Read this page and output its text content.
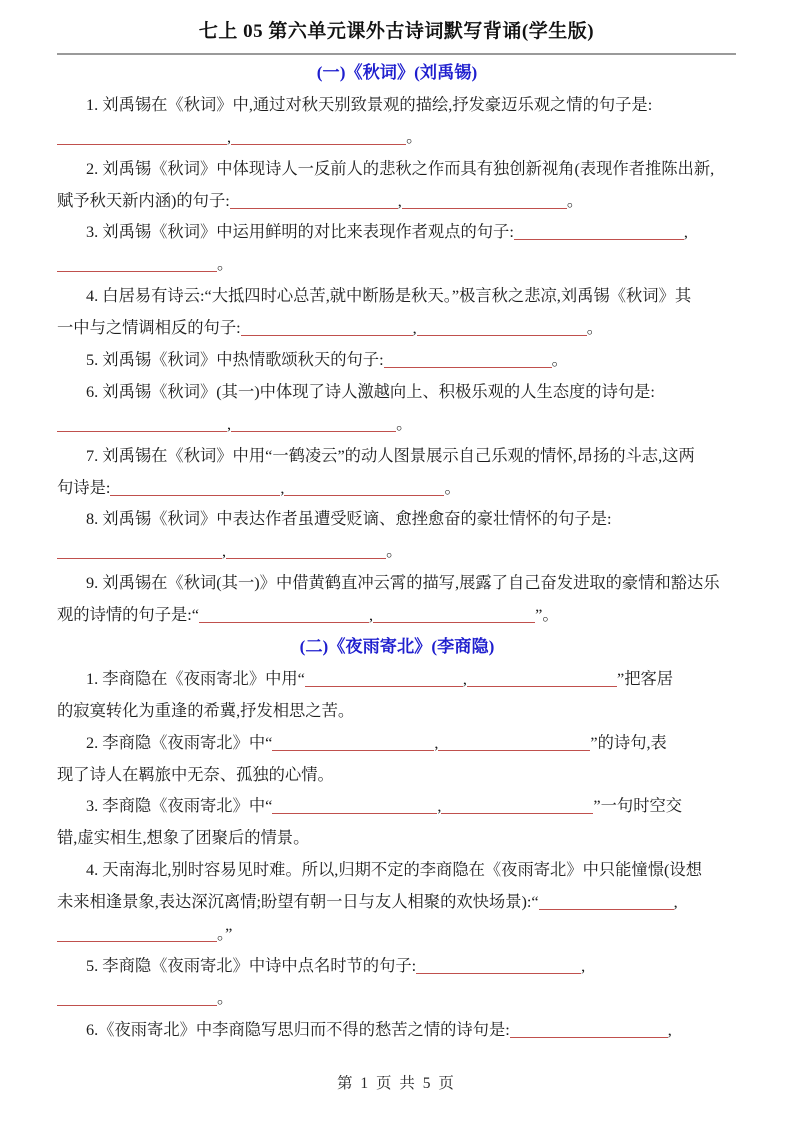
七上 05 第六单元课外古诗词默写背诵(学生版)
(一)《秋词》(刘禹锡)
1. 刘禹锡在《秋词》中,通过对秋天别致景观的描绘,抒发豪迈乐观之情的句子是:
,	。
2. 刘禹锡《秋词》中体现诗人一反前人的悲秋之作而具有独创新视角(表现作者推陈出新,
赋予秋天新内涵)的句子:	,	。
3. 刘禹锡《秋词》中运用鲜明的对比来表现作者观点的句子:	,
。
4. 白居易有诗云:“大抵四时心总苦,就中断肠是秋天。”极言秋之悲凉,刘禹锡《秋词》其
一中与之情调相反的句子:	,	。
5. 刘禹锡《秋词》中热情歌颂秋天的句子:	。
6. 刘禹锡《秋词》(其一)中体现了诗人激越向上、积极乐观的人生态度的诗句是:
,	。
7. 刘禹锡在《秋词》中用“一鹤凌云”的动人图景展示自己乐观的情怀,昂扬的斗志,这两
句诗是:	,	。
8. 刘禹锡《秋词》中表达作者虽遭受贬谪、愈挫愈奋的豪壮情怀的句子是:
,	。
9. 刘禹锡在《秋词(其一)》中借黄鹤直冲云霄的描写,展露了自己奋发进取的豪情和豁达乐
观的诗情的句子是:“	,	”。
(二)《夜雨寄北》(李商隐)
1. 李商隐在《夜雨寄北》中用“	,	”把客居
的寂寞转化为重逢的希冀,抒发相思之苦。
2. 李商隐《夜雨寄北》中“	,	”的诗句,表
现了诗人在羁旅中无奈、孤独的心情。
3. 李商隐《夜雨寄北》中“	,	”一句时空交
错,虚实相生,想象了团聚后的情景。
4. 天南海北,别时容易见时难。所以,归期不定的李商隐在《夜雨寄北》中只能憧憬(设想
未来相逢景象,表达深沉离情;盼望有朝一日与友人相聚的欢快场景):“	,
。”
5. 李商隐《夜雨寄北》中诗中点名时节的句子:	,
。
6.《夜雨寄北》中李商隐写思归而不得的愁苦之情的诗句是:	,
第 1 页 共 5 页
